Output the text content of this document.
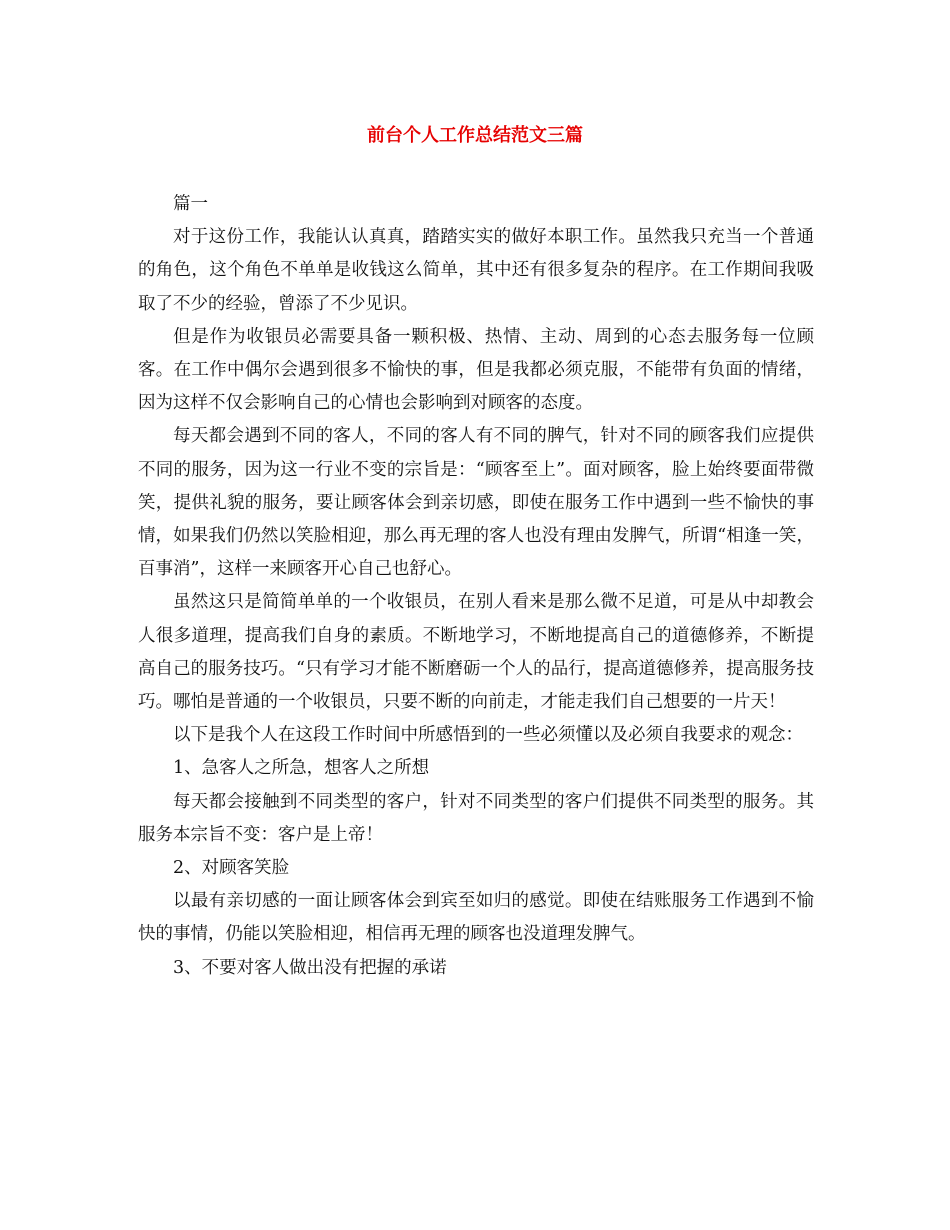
前台个人工作总结范文三篇

篇一

对于这份工作，我能认认真真，踏踏实实的做好本职工作。虽然我只充当一个普通的角色，这个角色不单单是收钱这么简单，其中还有很多复杂的程序。在工作期间我吸取了不少的经验，曾添了不少见识。

但是作为收银员必需要具备一颗积极、热情、主动、周到的心态去服务每一位顾客。在工作中偶尔会遇到很多不愉快的事，但是我都必须克服，不能带有负面的情绪，因为这样不仅会影响自己的心情也会影响到对顾客的态度。

每天都会遇到不同的客人，不同的客人有不同的脾气，针对不同的顾客我们应提供不同的服务，因为这一行业不变的宗旨是：“顾客至上”。面对顾客，脸上始终要面带微笑，提供礼貌的服务，要让顾客体会到亲切感，即使在服务工作中遇到一些不愉快的事情，如果我们仍然以笑脸相迎，那么再无理的客人也没有理由发脾气，所谓“相逢一笑，百事消”，这样一来顾客开心自己也舒心。

虽然这只是简简单单的一个收银员，在别人看来是那么微不足道，可是从中却教会人很多道理，提高我们自身的素质。不断地学习，不断地提高自己的道德修养，不断提高自己的服务技巧。“只有学习才能不断磨砺一个人的品行，提高道德修养，提高服务技巧。哪怕是普通的一个收银员，只要不断的向前走，才能走我们自己想要的一片天！

以下是我个人在这段工作时间中所感悟到的一些必须懂以及必须自我要求的观念：

1、急客人之所急，想客人之所想

每天都会接触到不同类型的客户，针对不同类型的客户们提供不同类型的服务。其服务本宗旨不变：客户是上帝！

2、对顾客笑脸

以最有亲切感的一面让顾客体会到宾至如归的感觉。即使在结账服务工作遇到不愉快的事情，仍能以笑脸相迎，相信再无理的顾客也没道理发脾气。

3、不要对客人做出没有把握的承诺
